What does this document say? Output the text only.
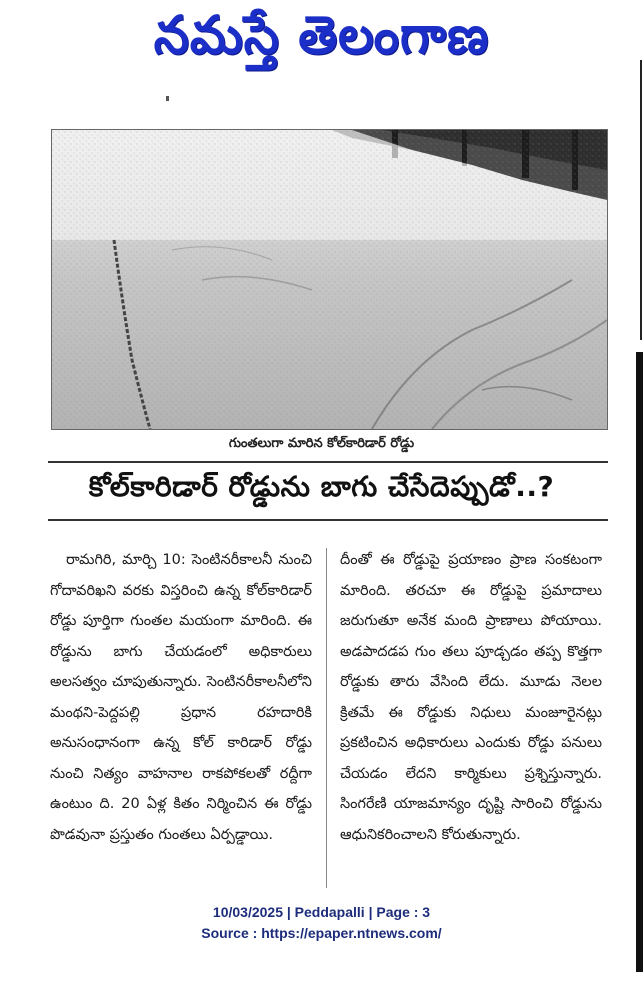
నమస్తే తెలంగాణ
గుంతలుగా మారిన కోల్‌కారిడార్ రోడ్డు
కోల్‌కారిడార్ రోడ్డును బాగు చేసేదెప్పుడో..?
రామగిరి, మార్చి 10: సెంటినరీకాలనీ నుంచి గోదావరిఖని వరకు విస్తరించి ఉన్న కోల్‌కారిడార్ రోడ్డు పూర్తిగా గుంతల మయంగా మారింది. ఈ రోడ్డును బాగు చేయడంలో అధికారులు అలసత్వం చూపుతున్నారు. సెంటినరీకాలనీలోని మంథని-పెద్దపల్లి ప్రధాన రహదారికి అనుసంధానంగా ఉన్న కోల్ కారిడార్ రోడ్డు నుంచి నిత్యం వాహనాల రాకపోకలతో రద్దీగా ఉంటుం ది. 20 ఏళ్ల కితం నిర్మించిన ఈ రోడ్డు పొడవునా ప్రస్తుతం గుంతలు ఏర్పడ్డాయి.
దీంతో ఈ రోడ్డుపై ప్రయాణం ప్రాణ సంకటంగా మారింది. తరచూ ఈ రోడ్డుపై ప్రమాదాలు జరుగుతూ అనేక మంది ప్రాణాలు పోయాయి. అడపాదడప గుం తలు పూడ్చడం తప్ప కొత్తగా రోడ్డుకు తారు వేసింది లేదు. మూడు నెలల క్రితమే ఈ రోడ్డుకు నిధులు మంజూరైనట్లు ప్రకటించిన అధికారులు ఎందుకు రోడ్డు పనులు చేయడం లేదని కార్మికులు ప్రశ్నిస్తున్నారు. సింగరేణి యాజమాన్యం దృష్టి సారించి రోడ్డును ఆధునికరించాలని కోరుతున్నారు.
10/03/2025 | Peddapalli | Page : 3
Source : https://epaper.ntnews.com/
